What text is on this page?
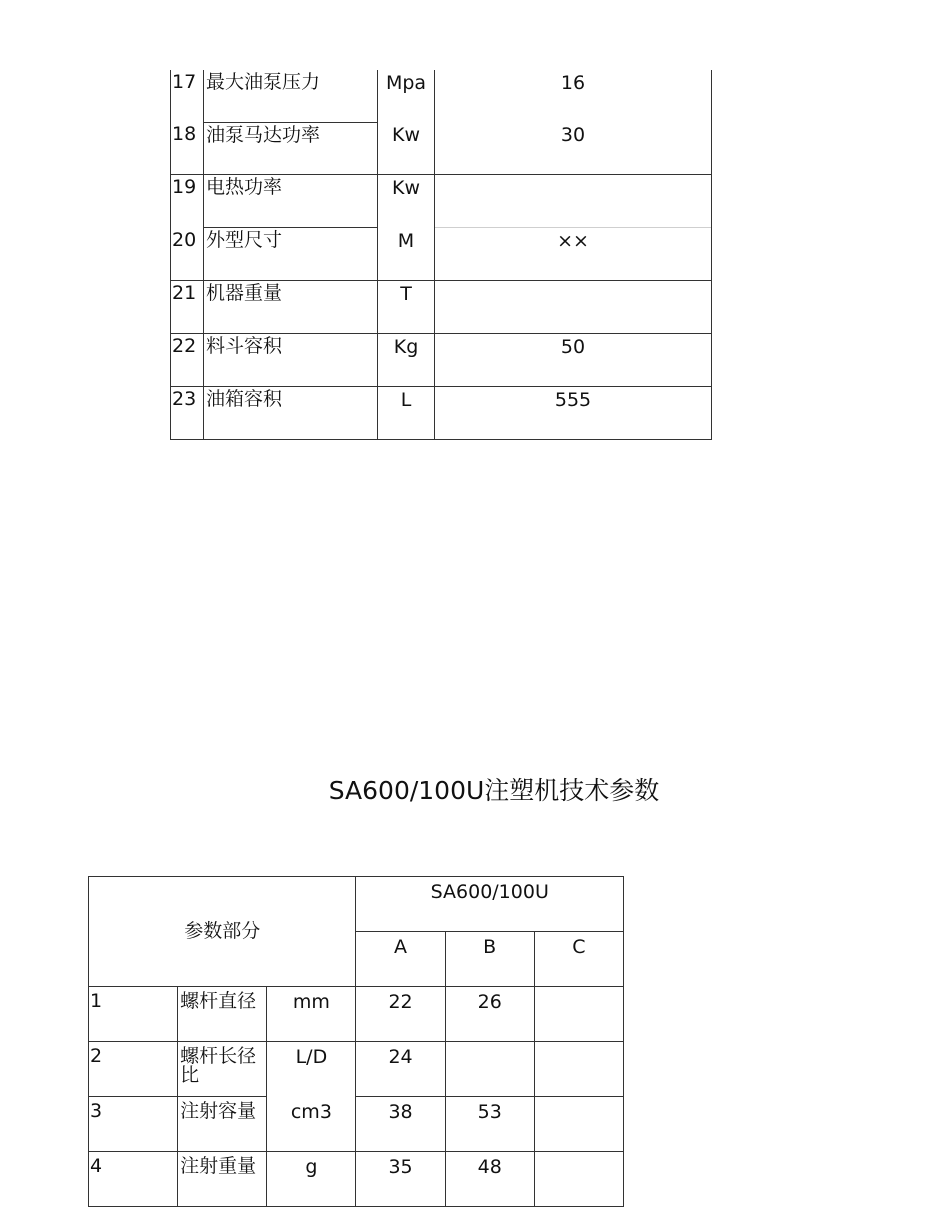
17	最大油泵压力	Mpa	16
18	油泵马达功率	Kw	30
19	电热功率	Kw	
20	外型尺寸	M	××
21	机器重量	T	
22	料斗容积	Kg	50
23	油箱容积	L	555
SA600/100U注塑机技术参数
参数部分			SA600/100U		
			A	B	C
1	螺杆直径	mm	22	26	
2	螺杆长径比	L/D	24		
3	注射容量	cm3	38	53	
4	注射重量	g	35	48	
